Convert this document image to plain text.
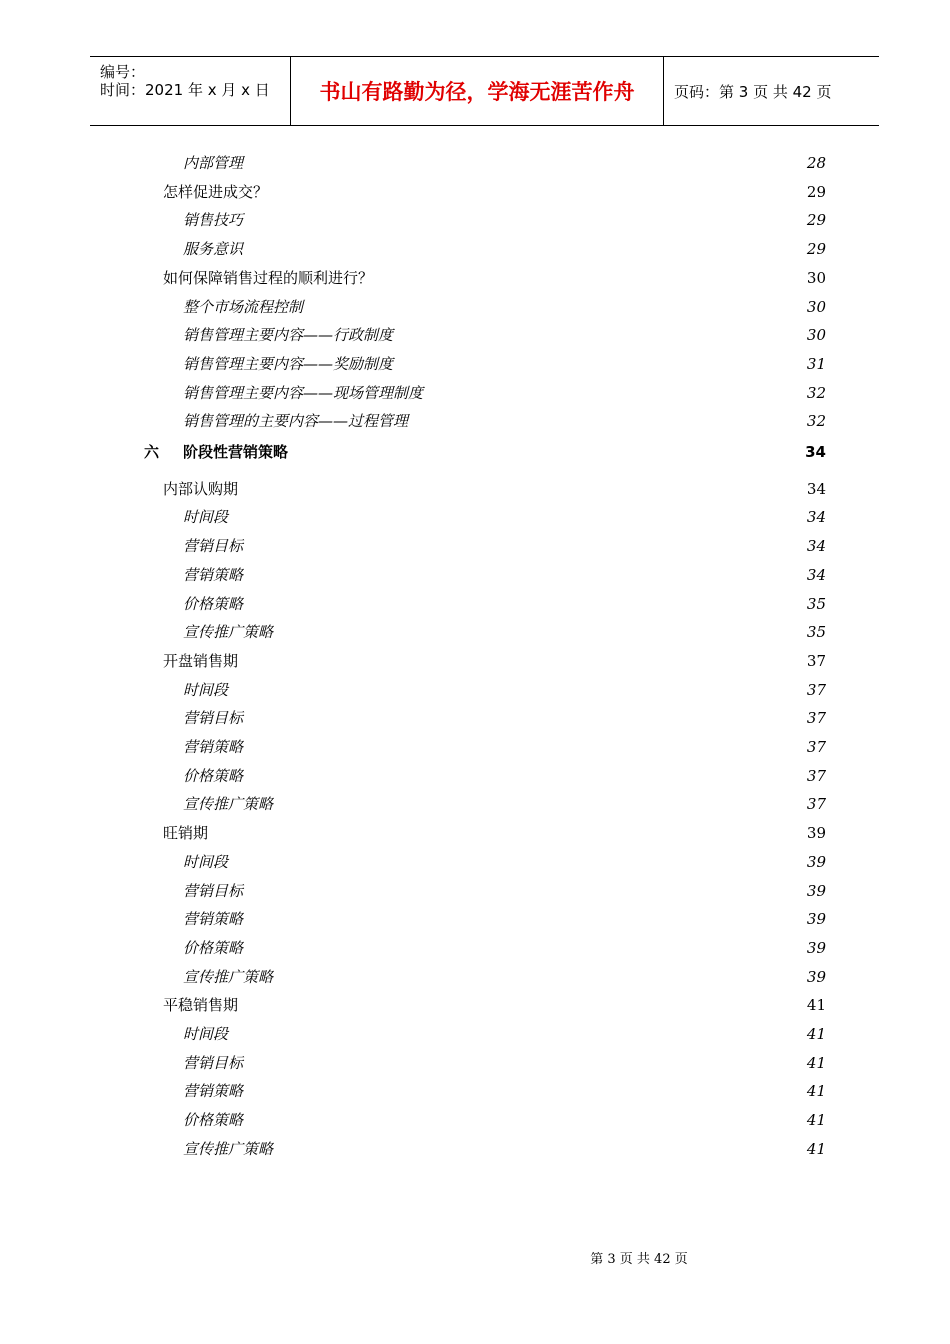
编号：
时间：2021 年 x 月 x 日 书山有路勤为径，学海无涯苦作舟	页码：第 3 页 共 42 页
内部管理	28
怎样促进成交？	29
销售技巧	29
服务意识	29
如何保障销售过程的顺利进行？	30
整个市场流程控制	30
销售管理主要内容——行政制度	30
销售管理主要内容——奖励制度	31
销售管理主要内容——现场管理制度	32
销售管理的主要内容——过程管理	32
六 阶段性营销策略	34
内部认购期	34
时间段	34
营销目标	34
营销策略	34
价格策略	35
宣传推广策略	35
开盘销售期	37
时间段	37
营销目标	37
营销策略	37
价格策略	37
宣传推广策略	37
旺销期	39
时间段	39
营销目标	39
营销策略	39
价格策略	39
宣传推广策略	39
平稳销售期	41
时间段	41
营销目标	41
营销策略	41
价格策略	41
宣传推广策略	41
第 3 页 共 42 页
